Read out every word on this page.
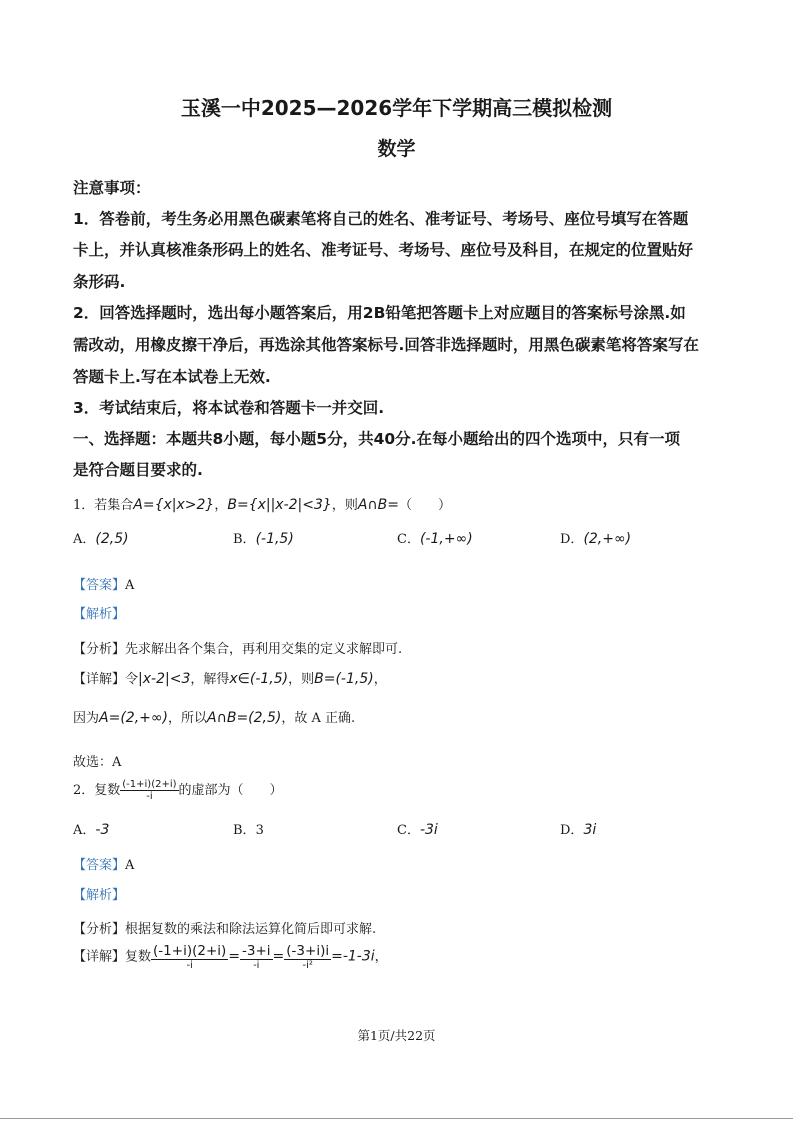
玉溪一中2025—2026学年下学期高三模拟检测
数学
注意事项：
1．答卷前，考生务必用黑色碳素笔将自己的姓名、准考证号、考场号、座位号填写在答题
卡上，并认真核准条形码上的姓名、准考证号、考场号、座位号及科目，在规定的位置贴好
条形码.
2．回答选择题时，选出每小题答案后，用2B铅笔把答题卡上对应题目的答案标号涂黑.如
需改动，用橡皮擦干净后，再选涂其他答案标号.回答非选择题时，用黑色碳素笔将答案写在
答题卡上.写在本试卷上无效.
3．考试结束后，将本试卷和答题卡一并交回.
一、选择题：本题共8小题，每小题5分，共40分.在每小题给出的四个选项中，只有一项
是符合题目要求的.
1．若集合A={x|x>2}，B={x||x-2|<3}，则A∩B=（　　）
A．(2,5)	B．(-1,5)	C．(-1,+∞)	D．(2,+∞)
【答案】A
【解析】
【分析】先求解出各个集合，再利用交集的定义求解即可.
【详解】令|x-2|<3，解得x∈(-1,5)，则B=(-1,5)，
因为A=(2,+∞)，所以A∩B=(2,5)，故 A 正确.
故选：A
2．复数 $\frac{(-1+i)(2+i)}{-i}$ 的虚部为（　　）
A．-3	B．3	C．-3i	D．3i
【答案】A
【解析】
【分析】根据复数的乘法和除法运算化简后即可求解.
【详解】复数 $\frac{(-1+i)(2+i)}{-i} = \frac{-3+i}{-i} = \frac{(-3+i)i}{\text{-i²}} =-1-3i$，
第1页/共22页
